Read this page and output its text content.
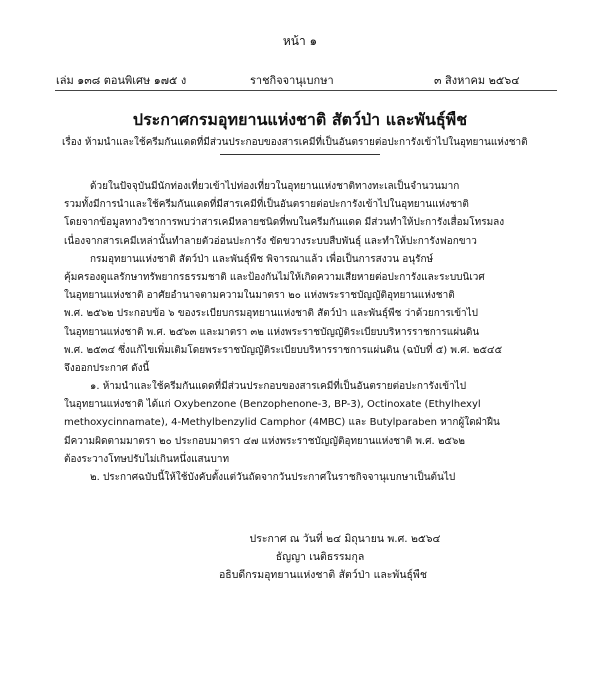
หน้า ๑
เล่ม ๑๓๘ ตอนพิเศษ ๑๗๕ ง	ราชกิจจานุเบกษา	๓ สิงหาคม ๒๕๖๔
ประกาศกรมอุทยานแห่งชาติ สัตว์ป่า และพันธุ์พืช
เรื่อง ห้ามนำและใช้ครีมกันแดดที่มีส่วนประกอบของสารเคมีที่เป็นอันตรายต่อปะการังเข้าไปในอุทยานแห่งชาติ

ด้วยในปัจจุบันมีนักท่องเที่ยวเข้าไปท่องเที่ยวในอุทยานแห่งชาติทางทะเลเป็นจำนวนมาก
รวมทั้งมีการนำและใช้ครีมกันแดดที่มีสารเคมีที่เป็นอันตรายต่อปะการังเข้าไปในอุทยานแห่งชาติ
โดยจากข้อมูลทางวิชาการพบว่าสารเคมีหลายชนิดที่พบในครีมกันแดด มีส่วนทำให้ปะการังเสื่อมโทรมลง
เนื่องจากสารเคมีเหล่านั้นทำลายตัวอ่อนปะการัง ขัดขวางระบบสืบพันธุ์ และทำให้ปะการังฟอกขาว

กรมอุทยานแห่งชาติ สัตว์ป่า และพันธุ์พืช พิจารณาแล้ว เพื่อเป็นการสงวน อนุรักษ์
คุ้มครองดูแลรักษาทรัพยากรธรรมชาติ และป้องกันไม่ให้เกิดความเสียหายต่อปะการังและระบบนิเวศ
ในอุทยานแห่งชาติ อาศัยอำนาจตามความในมาตรา ๒๐ แห่งพระราชบัญญัติอุทยานแห่งชาติ
พ.ศ. ๒๕๖๒ ประกอบข้อ ๖ ของระเบียบกรมอุทยานแห่งชาติ สัตว์ป่า และพันธุ์พืช ว่าด้วยการเข้าไป
ในอุทยานแห่งชาติ พ.ศ. ๒๕๖๓ และมาตรา ๓๒ แห่งพระราชบัญญัติระเบียบบริหารราชการแผ่นดิน
พ.ศ. ๒๕๓๔ ซึ่งแก้ไขเพิ่มเติมโดยพระราชบัญญัติระเบียบบริหารราชการแผ่นดิน (ฉบับที่ ๕) พ.ศ. ๒๕๔๕
จึงออกประกาศ ดังนี้

๑. ห้ามนำและใช้ครีมกันแดดที่มีส่วนประกอบของสารเคมีที่เป็นอันตรายต่อปะการังเข้าไป
ในอุทยานแห่งชาติ ได้แก่ Oxybenzone (Benzophenone-3, BP-3), Octinoxate (Ethylhexyl
methoxycinnamate), 4-Methylbenzylid Camphor (4MBC) และ Butylparaben หากผู้ใดฝ่าฝืน
มีความผิดตามมาตรา ๒๐ ประกอบมาตรา ๔๗ แห่งพระราชบัญญัติอุทยานแห่งชาติ พ.ศ. ๒๕๖๒
ต้องระวางโทษปรับไม่เกินหนึ่งแสนบาท

๒. ประกาศฉบับนี้ให้ใช้บังคับตั้งแต่วันถัดจากวันประกาศในราชกิจจานุเบกษาเป็นต้นไป

ประกาศ ณ วันที่ ๒๔ มิถุนายน พ.ศ. ๒๕๖๔
ธัญญา เนติธรรมกุล
อธิบดีกรมอุทยานแห่งชาติ สัตว์ป่า และพันธุ์พืช
